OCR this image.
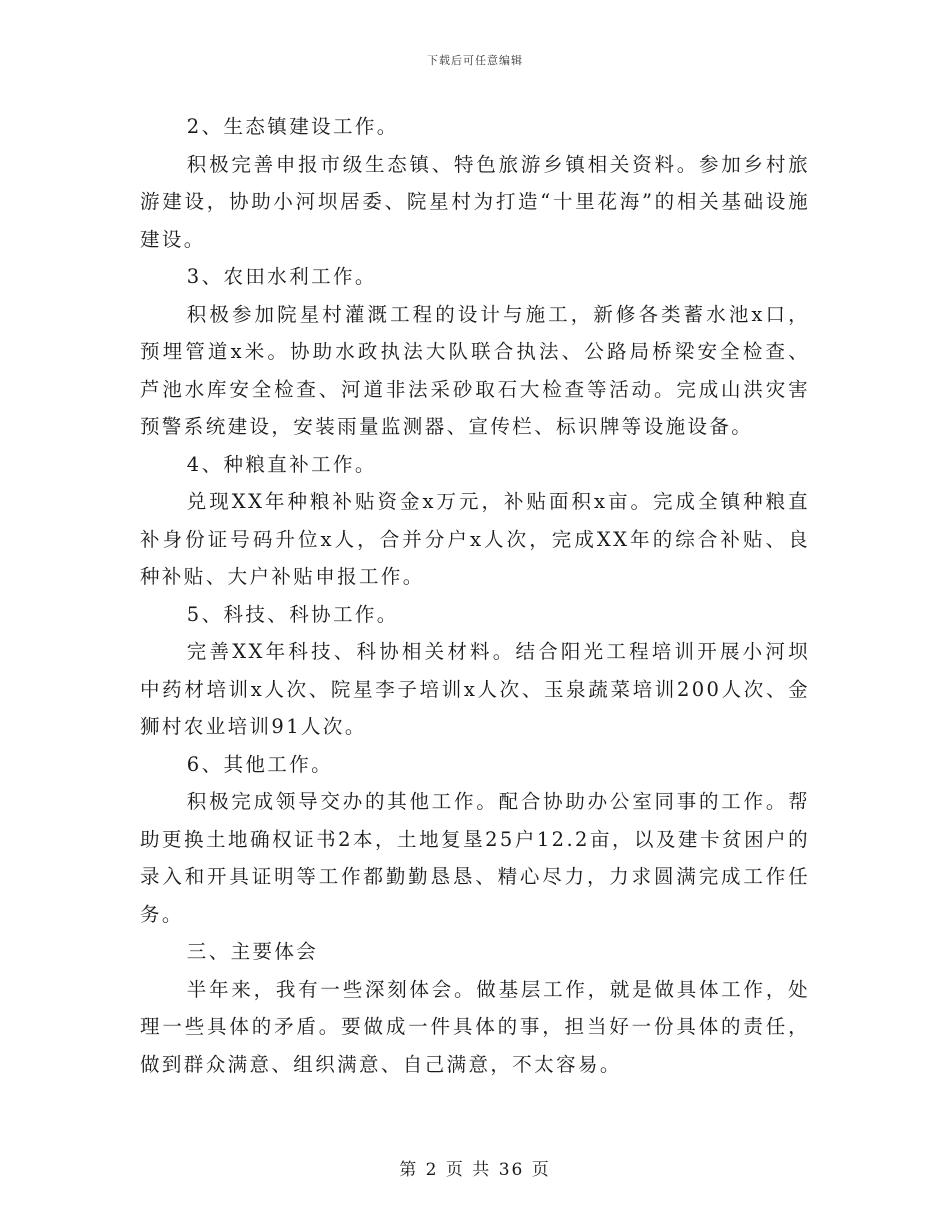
下载后可任意编辑

2、生态镇建设工作。

积极完善申报市级生态镇、特色旅游乡镇相关资料。参加乡村旅游建设，协助小河坝居委、院星村为打造“十里花海”的相关基础设施建设。

3、农田水利工作。

积极参加院星村灌溉工程的设计与施工，新修各类蓄水池x口，预埋管道x米。协助水政执法大队联合执法、公路局桥梁安全检查、芦池水库安全检查、河道非法采砂取石大检查等活动。完成山洪灾害预警系统建设，安装雨量监测器、宣传栏、标识牌等设施设备。

4、种粮直补工作。

兑现XX年种粮补贴资金x万元，补贴面积x亩。完成全镇种粮直补身份证号码升位x人，合并分户x人次，完成XX年的综合补贴、良种补贴、大户补贴申报工作。

5、科技、科协工作。

完善XX年科技、科协相关材料。结合阳光工程培训开展小河坝中药材培训x人次、院星李子培训x人次、玉泉蔬菜培训200人次、金狮村农业培训91人次。

6、其他工作。

积极完成领导交办的其他工作。配合协助办公室同事的工作。帮助更换土地确权证书2本，土地复垦25户12.2亩，以及建卡贫困户的录入和开具证明等工作都勤勤恳恳、精心尽力，力求圆满完成工作任务。

三、主要体会

半年来，我有一些深刻体会。做基层工作，就是做具体工作，处理一些具体的矛盾。要做成一件具体的事，担当好一份具体的责任，做到群众满意、组织满意、自己满意，不太容易。

第 2 页 共 36 页
